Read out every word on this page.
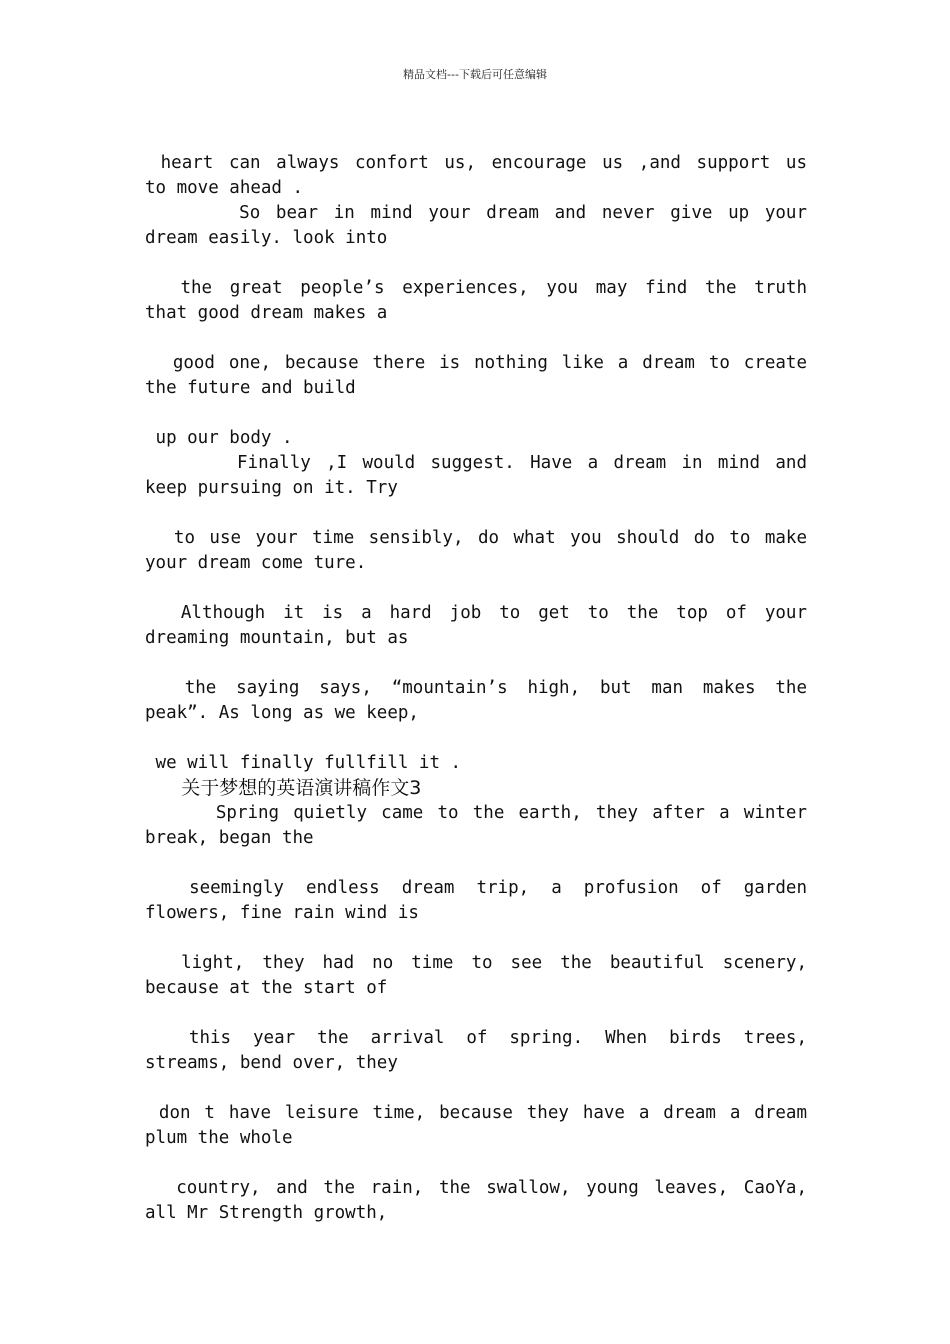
精品文档---下载后可任意编辑
heart can always confort us, encourage us ,and support us
to move ahead .
So bear in mind your dream and never give up your
dream easily. look into
the great people’s experiences, you may find the truth
that good dream makes a
good one, because there is nothing like a dream to create
the future and build
up our body .
Finally ,I would suggest. Have a dream in mind and
keep pursuing on it. Try
to use your time sensibly, do what you should do to make
your dream come ture.
Although it is a hard job to get to the top of your
dreaming mountain, but as
the saying says, “mountain’s high, but man makes the
peak”. As long as we keep,
we will finally fullfill it .
关于梦想的英语演讲稿作文3
Spring quietly came to the earth, they after a winter
break, began the
seemingly endless dream trip, a profusion of garden
flowers, fine rain wind is
light, they had no time to see the beautiful scenery,
because at the start of
this year the arrival of spring. When birds trees,
streams, bend over, they
don t have leisure time, because they have a dream a dream
plum the whole
country, and the rain, the swallow, young leaves, CaoYa,
all Mr Strength growth,
